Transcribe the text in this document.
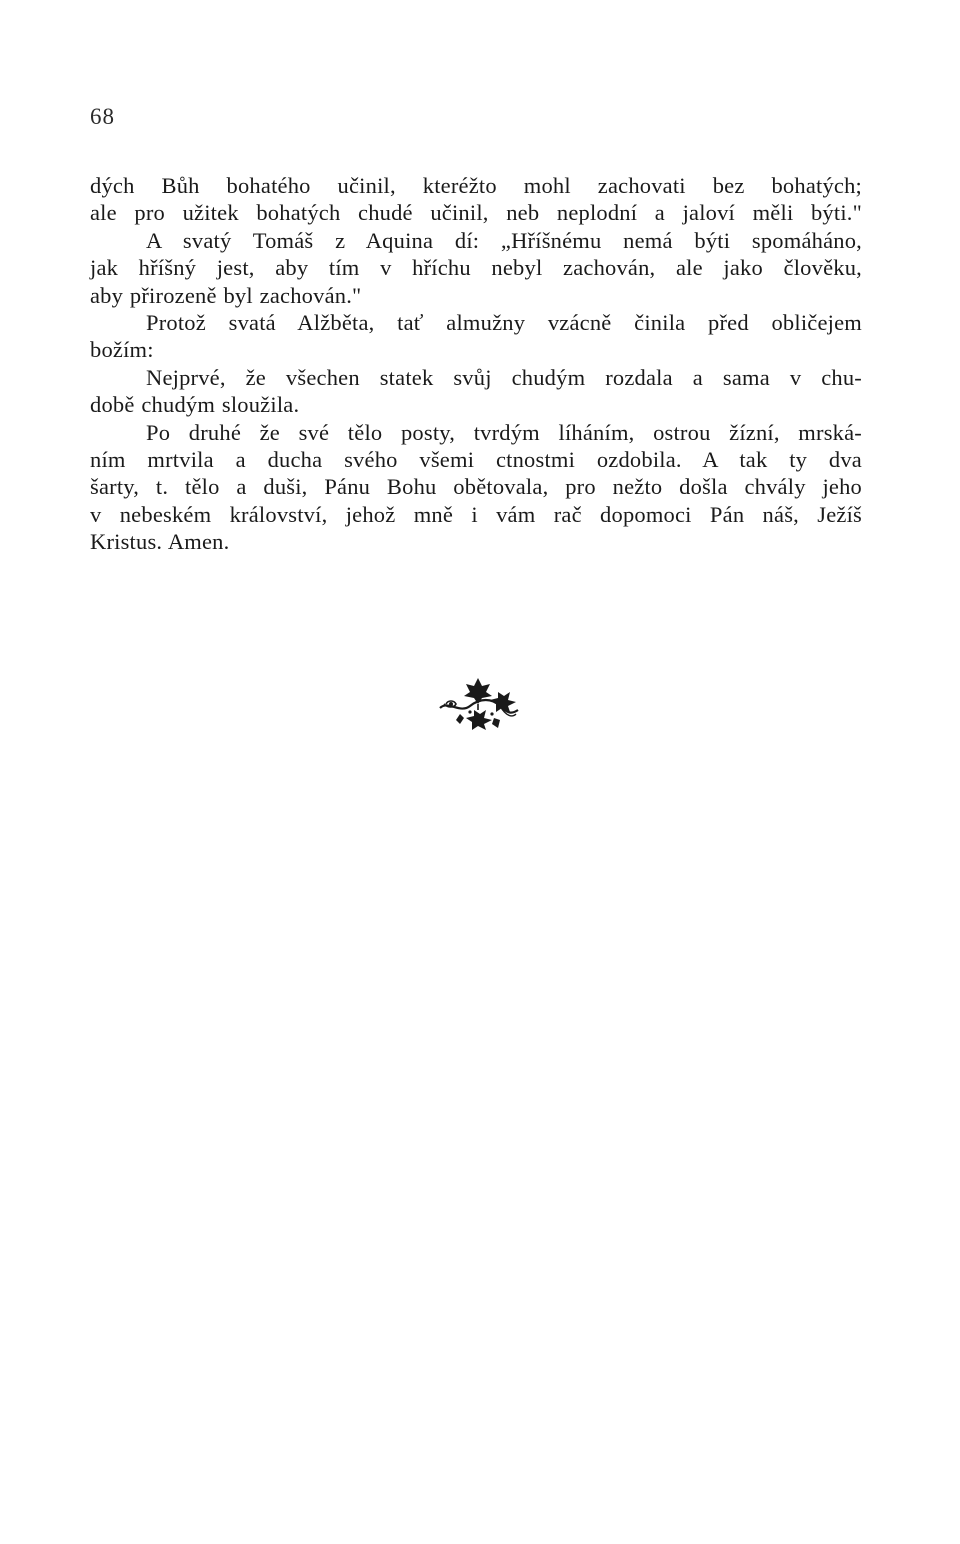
68
dých Bůh bohatého učinil, kteréžto mohl zachovati bez bohatých;
ale pro užitek bohatých chudé učinil, neb neplodní a jaloví měli býti."
A svatý Tomáš z Aquina dí: „Hříšnému nemá býti spomáháno,
jak hříšný jest, aby tím v hříchu nebyl zachován, ale jako člověku,
aby přirozeně byl zachován."
Protož svatá Alžběta, tať almužny vzácně činila před obličejem
božím:
Nejprvé, že všechen statek svůj chudým rozdala a sama v chu-
době chudým sloužila.
Po druhé že své tělo posty, tvrdým líháním, ostrou žízní, mrská-
ním mrtvila a ducha svého všemi ctnostmi ozdobila. A tak ty dva
šarty, t. tělo a duši, Pánu Bohu obětovala, pro nežto došla chvály jeho
v nebeském království, jehož mně i vám rač dopomoci Pán náš, Ježíš
Kristus. Amen.
